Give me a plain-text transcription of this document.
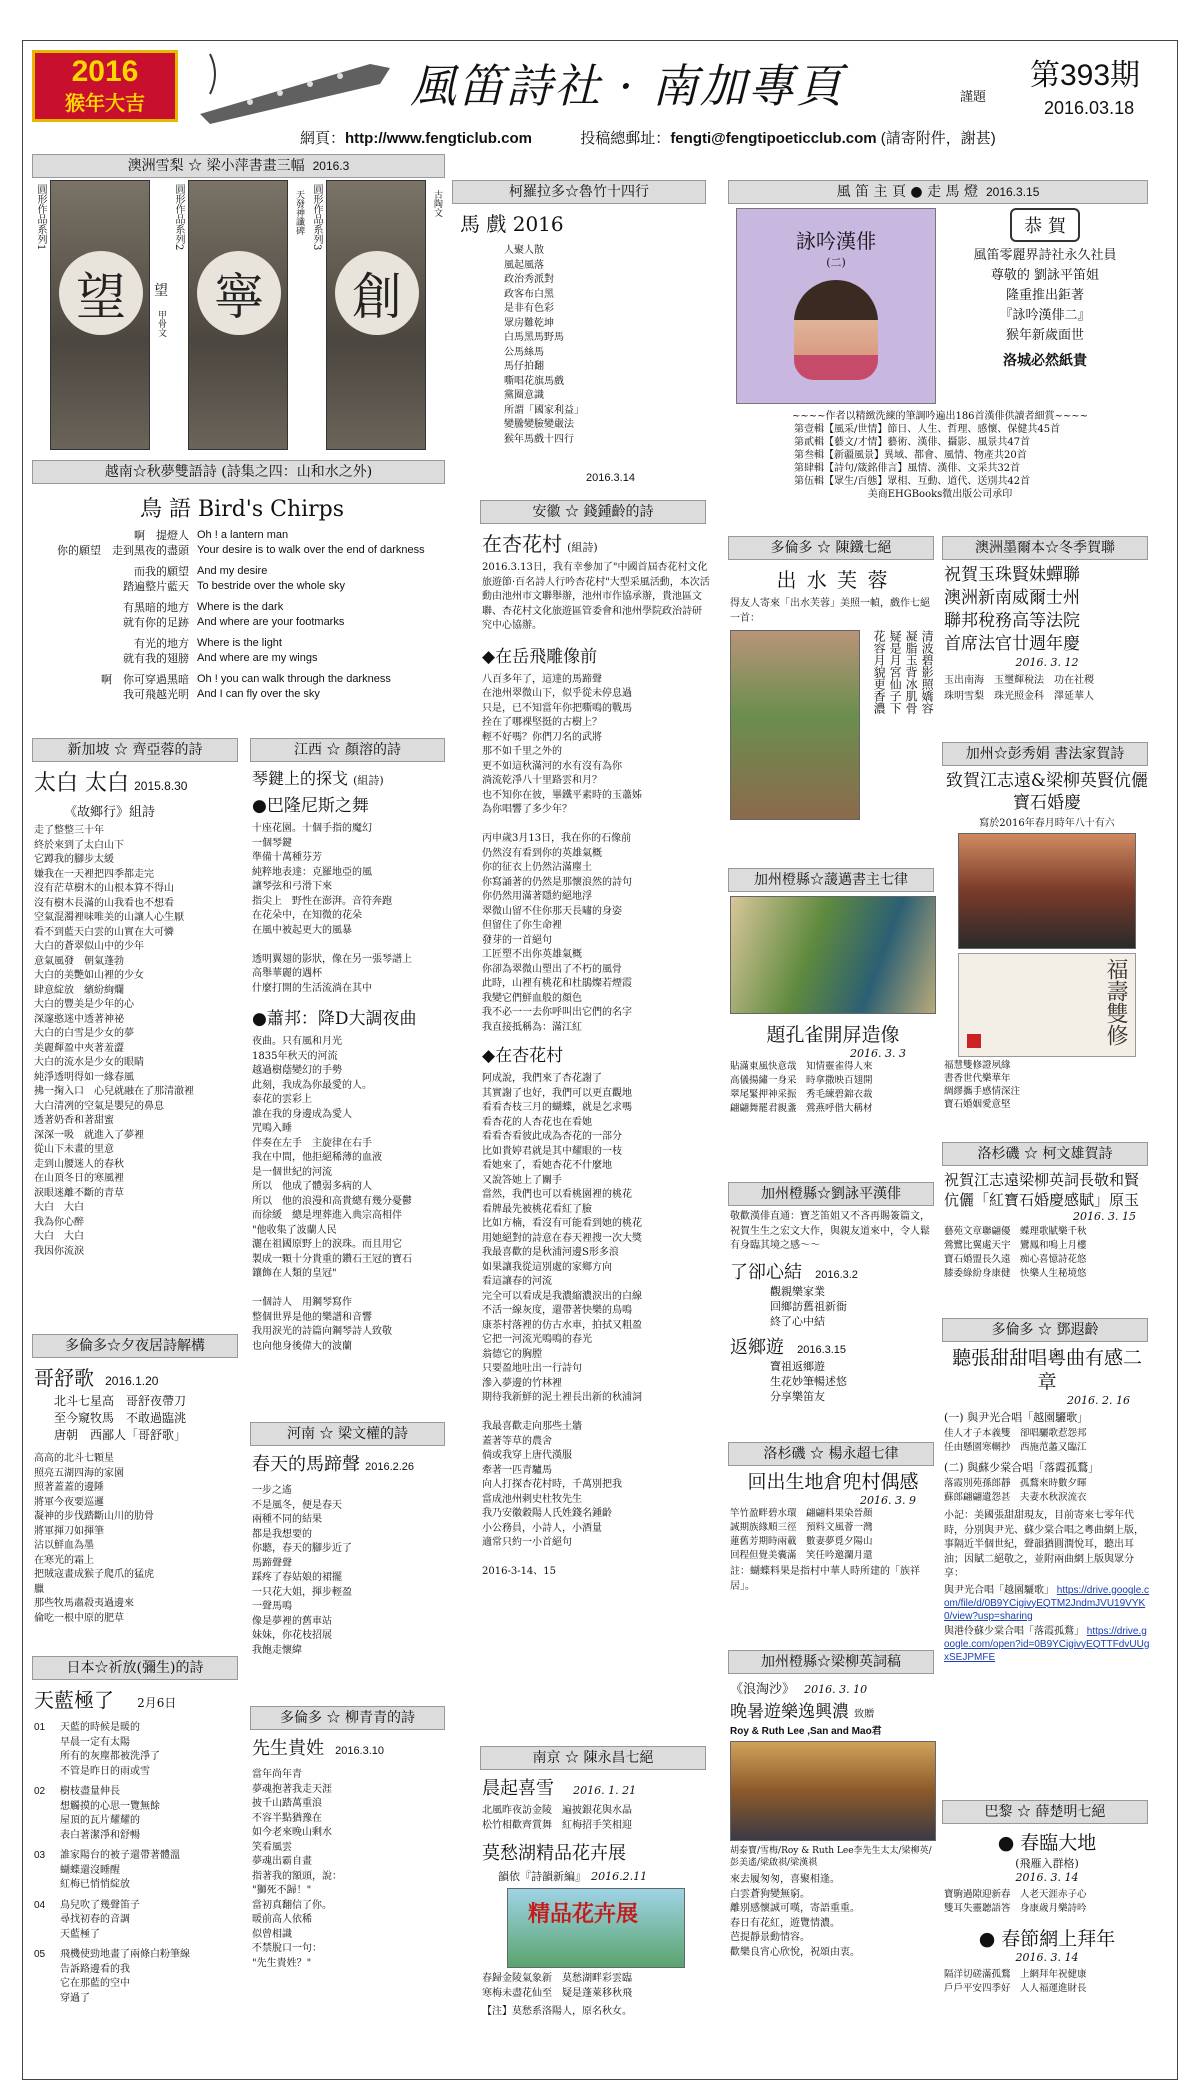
2016
猴年大吉	風笛詩社 · 南加專頁	謹題
第393期
2016.03.18
網頁：http://www.fengticlub.com	投稿總郵址：fengti@fengtipoeticclub.com (請寄附件，謝甚)
澳洲雪梨 ☆ 梁小萍書畫三幅 2016.3
圓形作品系列1
望 望
甲骨文
圓形作品系列2
寧
天發神讖碑 圓形作品系列3
創
古陶文
越南☆秋夢雙語詩 (詩集之四：山和水之外)
鳥 語 Bird's Chirps
啊　提燈人 Oh ! a lantern man
你的願望　走到黑夜的盡頭 Your desire is to walk over the end of darkness
而我的願望 And my desire
踏遍整片藍天 To bestride over the whole sky
有黑暗的地方 Where is the dark
就有你的足跡 And where are your footmarks
有光的地方 Where is the light
就有我的翅膀 And where are my wings
啊　你可穿過黑暗 Oh ! you can walk through the darkness
我可飛越光明 And I can fly over the sky
新加坡 ☆ 齊亞蓉的詩
太白 太白 2015.8.30
《故鄉行》組詩
走了整整三十年
終於來到了太白山下
它蹲我的腳步太緩
嫌我在一天裡把四季都走完
沒有茫草樹木的山根本算不得山
沒有樹木長滿的山我看也不想看
空氣混濁裡味唯美的山讓人心生厭
看不到藍天白雲的山實在大可憐
大白的蒼翠似山中的少年
意氣風發　朝氣蓬勃
大白的美艷如山裡的少女
肆意綻放　繽紛絢爛
大白的豐美是少年的心
深邃憨迷中透著神祕
大白的白雪是少女的夢
美麗輝盈中夾著羞澀
大白的流水是少女的眼睛
純淨透明得如一緣春風
拂一掬入口　心兒就融在了那清澈裡
大白清冽的空氣是嬰兒的鼻息
透著奶香和著甜蜜
深深一吸　就進入了夢裡
從山下未畫的里意
走到山腰迷人的春秋
在山頂冬日的寒風裡
淚眼迷離不斷的青草
大白　大白
我為你心醉
大白　大白
我因你流淚
多倫多☆夕夜居詩解構
哥舒歌 2016.1.20
北斗七星高　哥舒夜帶刀
至今窺牧馬　不敢過臨洮
唐朝　西鄙人「哥舒歌」
高高的北斗七顆星
照亮五湖四海的家園
照著蓋蓋的邊陲
將軍今夜要巡邏
凝神的步伐踏斷山川的肋骨
將軍揮刀如揮筆
沾以鮮血為墨
在寒光的霜上
把賊寇畫成猴子爬爪的猛虎
臘
那些牧馬肅殺夷過邊來
倫吃一根中原的肥草
日本☆祈放(彌生)的詩
天藍極了 2月6日
01	天藍的時候是暖的
早晨一定有太陽
所有的灰塵都被洗淨了
不管是昨日的雨或雪
02	樹枝盡量伸長
想觸摸的心思一覽無餘
屋頂的瓦片耀耀的
表白著潔淨和舒暢
03	誰家陽台的被子還帶著體溫
蝴蝶還沒睡醒
紅梅已悄悄綻放
04	鳥兒吹了幾聲笛子
尋找初春的音調
天藍極了
05	飛機使勁地畫了兩條白粉筆線
告訴路邊看的我
它在那藍的空中
穿過了
江西 ☆ 顏溶的詩
琴鍵上的探戈 (組詩)
●巴隆尼斯之舞
十座花園。十個手指的魔幻
一個琴鍵
準備十萬種芬芳
純粹地表達：克羅地亞的風
讓琴弦和弓滑下來
指尖上　野性在澎湃。音符奔跑
在花朵中，在知微的花朵
在風中被起更大的風暴

透明翼翅的影狀，像在另一張琴譜上
高舉華麗的遇杯
什麼打開的生活流淌在其中
●蕭邦：降D大調夜曲
夜曲。只有風和月光
1835年秋天的河流
越過樹蔭變幻的手勢
此刻，我成為你最愛的人。
泰花的雲彩上
誰在我的身邊成為愛人
咒鳴入睡
伴奏在左手　主旋律在右手
我在中間，他拒絕稀薄的血液
是一個世紀的河流
所以　他成了體弱多病的人
所以　他的浪漫和高貴總有幾分憂鬱
而徐緩　總是埋葬進入典宗高相伴
"他收集了波蘭人民
灑在祖國原野上的淚珠。而且用它
製成一顆十分貴重的鑽石王冠的寶石
鑲飾在人類的皇冠"

一個詩人　用鋼琴寫作
整個世界是他的樂譜和音響
我用淚光的詩篇向鋼琴詩人致敬
也向他身後偉大的波蘭
河南 ☆ 梁文權的詩
春天的馬蹄聲 2016.2.26
一步之遙
不是風冬，便是春天
兩種不同的結果
都是我想要的
你聽，春天的腳步近了
馬蹄聲聲
踩疼了春姑娘的裙擺
一只花大姐，揮步輕盈
一聲馬鳴
像是夢裡的舊車站
妹妹，你花枝招展
我飽走懷緯
多倫多 ☆ 柳青青的詩
先生貴姓 2016.3.10
當年尚年青
夢魂抱著我走天涯
披千山踏萬重浪
不容半點猶豫在
如今老來晚山剩水
笑看風雲
夢魂出霸自畫
指著我的額頭，說：
"獅死不歸！"
當初真翻信了你。
暖前高人依稀
似曾相識
不禁脫口一句：
"先生貴姓？"
柯羅拉多☆魯竹十四行
馬 戲 2016
人聚人散
風起風落
政治秀派對
政客布白黑
是非有色彩
眾房難乾坤
白馬黑馬野馬
公馬絲馬
馬仔拍翻
嘶唱花旗馬戲
黨圈意識
所謂「國家利益」
變騰變臉變嚴法
猴年馬戲十四行
2016.3.14
安徽 ☆ 錢鍾齡的詩
在杏花村 (組詩)
2016.3.13日，我有幸參加了"中國首屆杏花村文化旅遊節·百名詩人行吟杏花村"大型采風活動，本次活動由池州市文聯舉辦，池州市作協承辦，貴池區文聯、杏花村文化旅遊區管委會和池州學院政治詩研究中心協辦。
◆在岳飛雕像前
八百多年了，這達的馬蹄聲
在池州翠微山下，似乎從未停息過
只是，已不知當年你把嘶鳴的戰馬
拴在了哪裸堅挺的古樹上？
輕不好嗎？你們刀名的武將
那不如千里之外的
更不如這秋滿河的水有沒有為你
淌流乾淨八十里路雲和月？
也不知你在彼，畢鐵平素時的玉蕭姊
為你唱響了多少年？

丙申歲3月13日，我在你的石像前
仍然沒有看到你的英雄氣概
你的征衣上仍然沾滿塵土
你寫誦著的仍然是那懷浪然的詩句
你仍然用滿著隱約絕地浮
翠微山留不住你那天長嘯的身姿
但留住了你生命裡
發芽的一首絕句
工匠塑不出你英雄氣概
你卻為翠微山塑出了不朽的風骨
此時，山裡有桃花和杜鵑燦若煙霞
我變它們鮮血般的顏色
我不必一一去你呼叫出它們的名字
我直接抵稱為：滿江紅
◆在杏花村
阿成說，我們來了杏花謝了
其實謝了也好，我們可以更直觀地
看看杏枝三月的蝴蝶，就是乞求嗎
看杏花的人杏花也在看她
看看杏看彼此成為杏花的一部分
比如貴婷君就是其中耀眼的一枝
看她來了，看她杏花不什麼地
又說答她上了關手
當然，我們也可以看桃園裡的桃花
看牌最先被桃花看紅了臉
比如方楠，看沒有可能看到她的桃花
用她絕對的詩意在春天裡搜一次大獎
我最喜歡的是秋浦河邊S形多浪
如果讓我從這別處的家鄉方向
看這讓春的河流
完全可以看成是我濃縮濃淚出的白線
不活一線灰度，還帶著快樂的鳥鳴
康茶村落裡的仿古水車，拍拭又粗盈
它把一河流光鳴鳴的春光
翁德它的胸膛
只要盈地吐出一行詩句
滲入夢邊的竹林裡
期待我新鮮的泥土裡長出新的秋浦詞

我最喜歡走向那些土牆
蓋著等草的農舍
倘或我穿上唐代漢服
牽著一匹青驢馬
向人打探杏花村時，千萬別把我
當成池州剌史杜牧先生
我乃安徽穀陽人氏姓錢名鍾齡
小公務員，小詩人，小酒量
適常只約一小首絕句

2016-3-14、15
南京 ☆ 陳永昌七絕
晨起喜雪 2016. 1. 21
北風昨夜訪金陵　遍披銀花與水晶
松竹相歡齊賞舞　紅梅招手笑相迎
莫愁湖精品花卉展
韻依『詩韻新編』 2016.2.11
精品花卉展
春歸金陵氣象新　莫愁湖畔彩雲臨
寒梅未盡花仙至　疑是蓬萊移秋飛
【注】莫愁系洛陽人，原名秋女。
風 笛 主 頁 ● 走 馬 燈 2016.3.15
詠吟漢俳
(二)
恭 賀
風笛零麗界詩社永久社員
尊敬的 劉詠平笛姐
隆重推出鉅著
『詠吟漢俳二』
猴年新歲面世
洛城必然紙貴
~~~~作者以精緻洗練的筆調吟遍出186首漢俳供讀者細賞~~~~
第壹輯【風采/世情】節日、人生、哲理、感懷、保健共45首
第貳輯【藝文/才情】藝術、漢俳、攝影、風景共47首
第叁輯【新疆風景】異域、都會、風情、物產共20首
第肆輯【詩句/箴銘俳言】風情、漢俳、文采共32首
第伍輯【眾生/百態】眾相、互動、道代、送別共42首
美商EHGBooks微出版公司承印
多倫多 ☆ 陳鐵七絕
出 水 芙 蓉
得友人寄來「出水芙蓉」美照一幀，戲作七絕一首：

清波碧影照嬌容
凝脂玉背冰肌骨
疑是月宮仙子下
花容月貌更香濃
加州橙縣☆蘐邁書主七律
題孔雀開屏造像
2016. 3. 3
貼滿東風快意哉　知情靈雀得人來
高儀揚繡一身采　時拿撒映百翅開
翠尾緊押神采振　秀毛練碧錦衣裁
翩翩舞罷君親盞　鶯燕呼偕大稱材
加州橙縣☆劉詠平漢俳
敬歡漢俳直通：寶芝笛姐又不吝再賜簽篇文，祝賀生生之宏文大作，與親友道來中，令人鬆有身臨其境之感～～
了卻心結 2016.3.2
觀親樂家業
回鄉訪舊祖新衙
終了心中結
返鄉遊 2016.3.15
寶祖返鄉遊
生花妙筆暢述悠
分享樂笛友
洛杉磯 ☆ 楊永超七律
回出生地倉兜村偶感
2016. 3. 9
竿竹盈畔碧水環　翩翩料果染晉顏
誠期族緣順三徑　預料文風薈一灣
蓮舊芳期時兩載　數妻夢覓夕陽山
回程但覺美囊滿　笑任吟邀瀾月還
註：蝴蝶料果是指村中華人時所建的「族祥居」。
加州橙縣☆梁柳英詞稿
《浪淘沙》 2016. 3. 10
晚暑遊樂逸興濃 致贈
Roy & Ruth Lee ,San and Mao君
胡泰寶/雪梅/Roy & Ruth Lee李先生太太/梁柳英/彭美遙/梁啟祺/梁漢祺
來去履匆匆，喜聚相逢。
白雲蒼狗變無窮。
離別感懷誠可嘆，寄語重重。
春日有花紅，遊覽情濃。
芭提靜景動情容。
歡樂良宵心欣悅，祝頌由衷。
澳洲墨爾本☆冬季賀聯
祝賀玉珠賢妹蟬聯
澳洲新南威爾士州
聯邦稅務高等法院
首席法官廿週年慶
2016. 3. 12
玉出南海　玉璽輝稅法　功在社稷
珠明雪梨　珠光照金科　澤延華人
加州☆彭秀娟 書法家賀詩
致賀江志遠&梁柳英賢伉儷寶石婚慶
寫於2016年春月時年八十有六
福壽雙修
福慧雙修證夙緣
書香世代樂華年
綢繆攜手感情深注
寶石婚姻愛意堅
洛杉磯 ☆ 柯文雄賀詩
祝賀江志遠梁柳英詞長敬和賢伉儷「紅寶石婚慶感賦」原玉
2016. 3. 15
藝苑文章聯翩優　蝶理歌賦樂千秋
鶯鷺比翼處天宇　鸞鳳和鳴上月樓
寶石婚盟長久遠　痴心喜憶詩花悠
膝委綠紛身康健　快樂人生秘境悠
多倫多 ☆ 鄧遐齡
聽張甜甜唱粵曲有感二章
2016. 2. 16
(一) 與尹光合唱「越園驪歌」
佳人才子本義雙　卻唱驪歌惹怨邦
任由懸園寒輞抄　西施范蠡又臨江
(二) 與蘇少棠合唱「落霞孤鶩」
落霞別苑孫郎靜　孤鶩來時數夕暉
蘇郎翩翩遺怨甚　夫妻水秋淚流衣
小記：美國張甜甜現友，目前寄來七零年代時，分別與尹光、蘇少棠合唱之粵曲網上版，事隔近半個世紀，聲韻猶圓潤悅耳，聽出耳油；因賦二絕敬之，並附兩曲網上版與眾分享：
與尹光合唱「越園驪歌」 https://drive.google.com/file/d/0B9YCigivyEQTM2JndmJVU19VYK0/view?usp=sharing
與港伶蘇少棠合唱「落霞孤鶩」 https://drive.google.com/open?id=0B9YCigivyEQTTFdvUUgxSEJPMFE
巴黎 ☆ 薛楚明七絕
● 春臨大地
(飛雁入群格)
2016. 3. 14
寶駒過隙迎新春　人老天涯赤子心
雙耳失靈聽語答　身康歲月樂詩吟
● 春節網上拜年
2016. 3. 14
隔洋切磋滿孤鶩　上網拜年祝健康
戶戶平安四季好　人人福運進財長
